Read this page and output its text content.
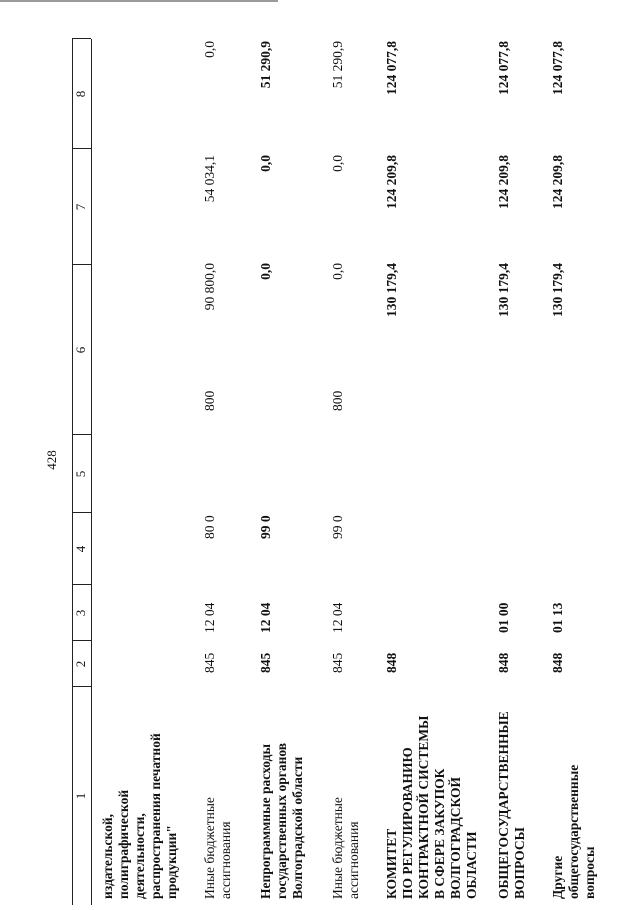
428
1
2
3
4
5
6
7
8
издательской,
полиграфической
деятельности,
распространения печатной
продукции" Иные бюджетные
ассигнования
845
12 04
80 0
800
90 800,0
54 034,1
0,0
Непрограммные расходы
государственных органов
Волгоградской области
845
12 04
99 0
0,0
0,0
51 290,9
Иные бюджетные
ассигнования
845
12 04
99 0
800
0,0
0,0
51 290,9
КОМИТЕТ
ПО РЕГУЛИРОВАНИЮ
КОНТРАКТНОЙ СИСТЕМЫ
В СФЕРЕ ЗАКУПОК
ВОЛГОГРАДСКОЙ
ОБЛАСТИ
848
130 179,4
124 209,8
124 077,8
ОБЩЕГОСУДАРСТВЕННЫЕ
ВОПРОСЫ
848
01 00
130 179,4
124 209,8
124 077,8
Другие
общегосударственные
вопросы
848
01 13
130 179,4
124 209,8
124 077,8
